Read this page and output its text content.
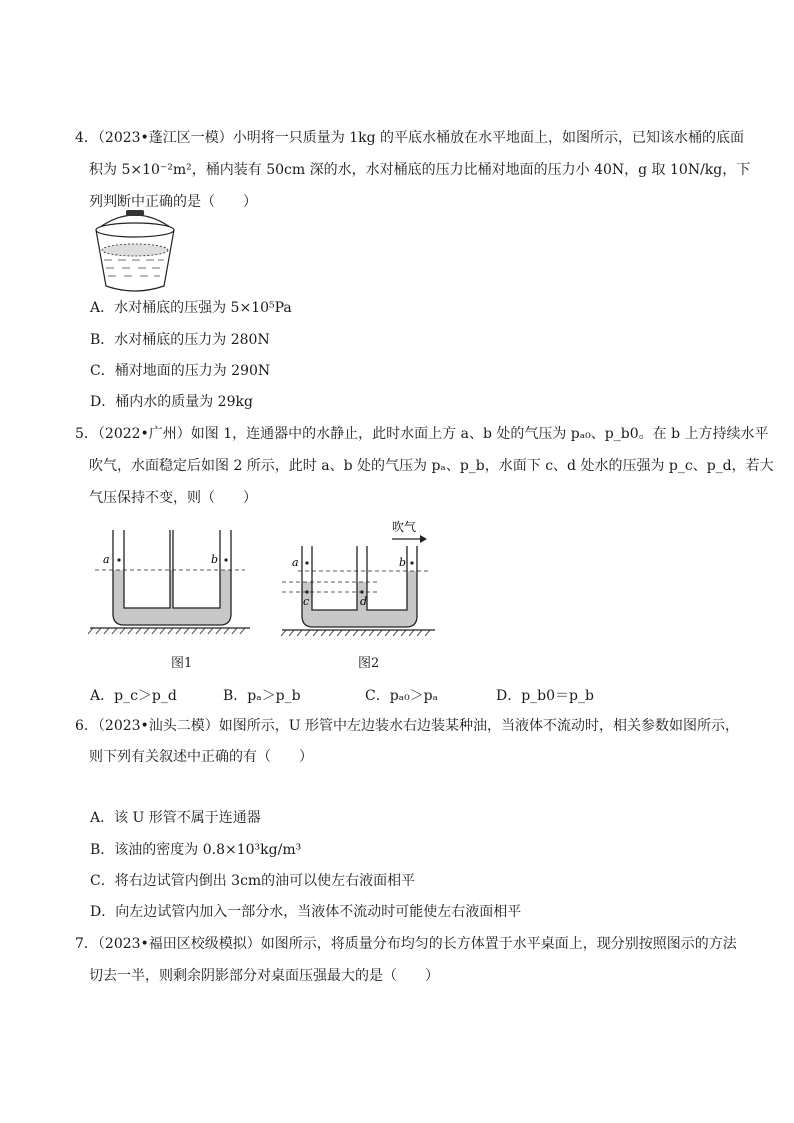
4．（2023•蓬江区一模）小明将一只质量为 1kg 的平底水桶放在水平地面上，如图所示，已知该水桶的底面
积为 5×10⁻²m²，桶内装有 50cm 深的水，水对桶底的压力比桶对地面的压力小 40N，g 取 10N/kg，下
列判断中正确的是（　　）
A．水对桶底的压强为 5×10⁵Pa
B．水对桶底的压力为 280N
C．桶对地面的压力为 290N
D．桶内水的质量为 29kg
5．（2022•广州）如图 1，连通器中的水静止，此时水面上方 a、b 处的气压为 pₐ₀、p_b0。在 b 上方持续水平
吹气，水面稳定后如图 2 所示，此时 a、b 处的气压为 pₐ、p_b，水面下 c、d 处水的压强为 p_c、p_d，若大
气压保持不变，则（　　）
a	b
图1
吹气
a	b
c	d
图2
A．p_c＞p_d	B．pₐ＞p_b	C．pₐ₀＞pₐ	D．p_b0＝p_b
6．（2023•汕头二模）如图所示，U 形管中左边装水右边装某种油，当液体不流动时，相关参数如图所示，
则下列有关叙述中正确的有（　　）
A．该 U 形管不属于连通器
B．该油的密度为 0.8×10³kg/m³
C．将右边试管内倒出 3cm的油可以使左右液面相平
D．向左边试管内加入一部分水，当液体不流动时可能使左右液面相平
7．（2023•福田区校级模拟）如图所示，将质量分布均匀的长方体置于水平桌面上，现分别按照图示的方法
切去一半，则剩余阴影部分对桌面压强最大的是（　　）
